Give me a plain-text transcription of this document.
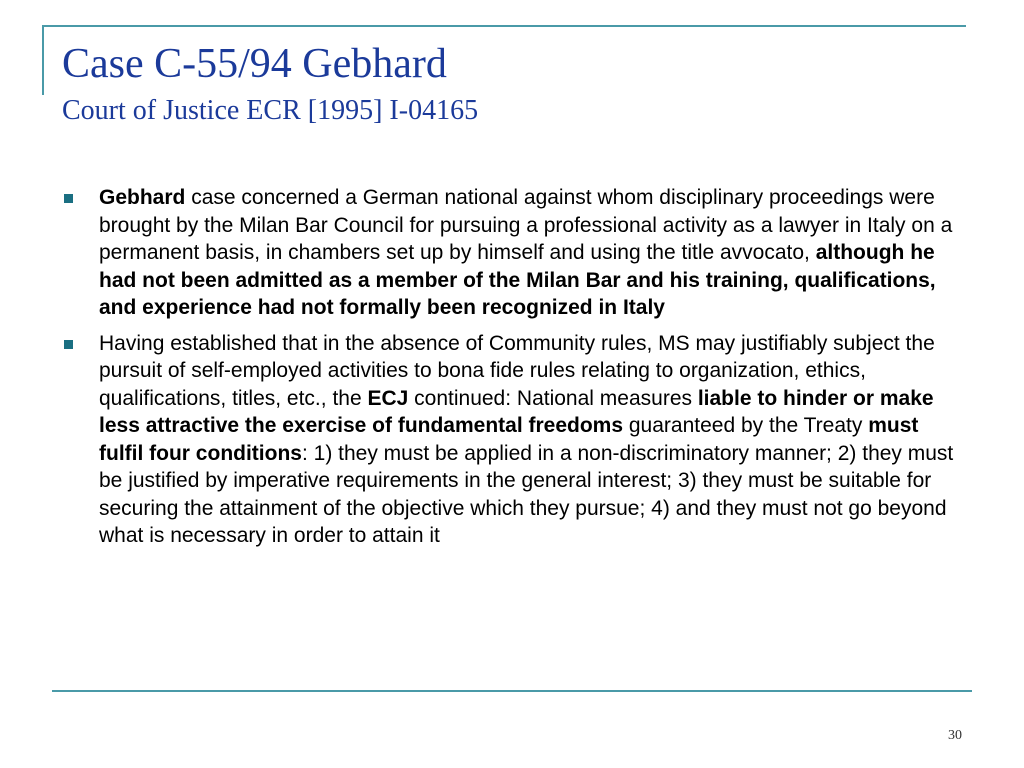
Case C-55/94 Gebhard
Court of Justice ECR [1995] I-04165
Gebhard case concerned a German national against whom disciplinary proceedings were brought by the Milan Bar Council for pursuing a professional activity as a lawyer in Italy on a permanent basis, in chambers set up by himself and using the title avvocato, although he had not been admitted as a member of the Milan Bar and his training, qualifications, and experience had not formally been recognized in Italy
Having established that in the absence of Community rules, MS may justifiably subject the pursuit of self-employed activities to bona fide rules relating to organization, ethics, qualifications, titles, etc., the ECJ continued: National measures liable to hinder or make less attractive the exercise of fundamental freedoms guaranteed by the Treaty must fulfil four conditions: 1) they must be applied in a non-discriminatory manner; 2) they must be justified by imperative requirements in the general interest; 3) they must be suitable for securing the attainment of the objective which they pursue; 4) and they must not go beyond what is necessary in order to attain it
30
